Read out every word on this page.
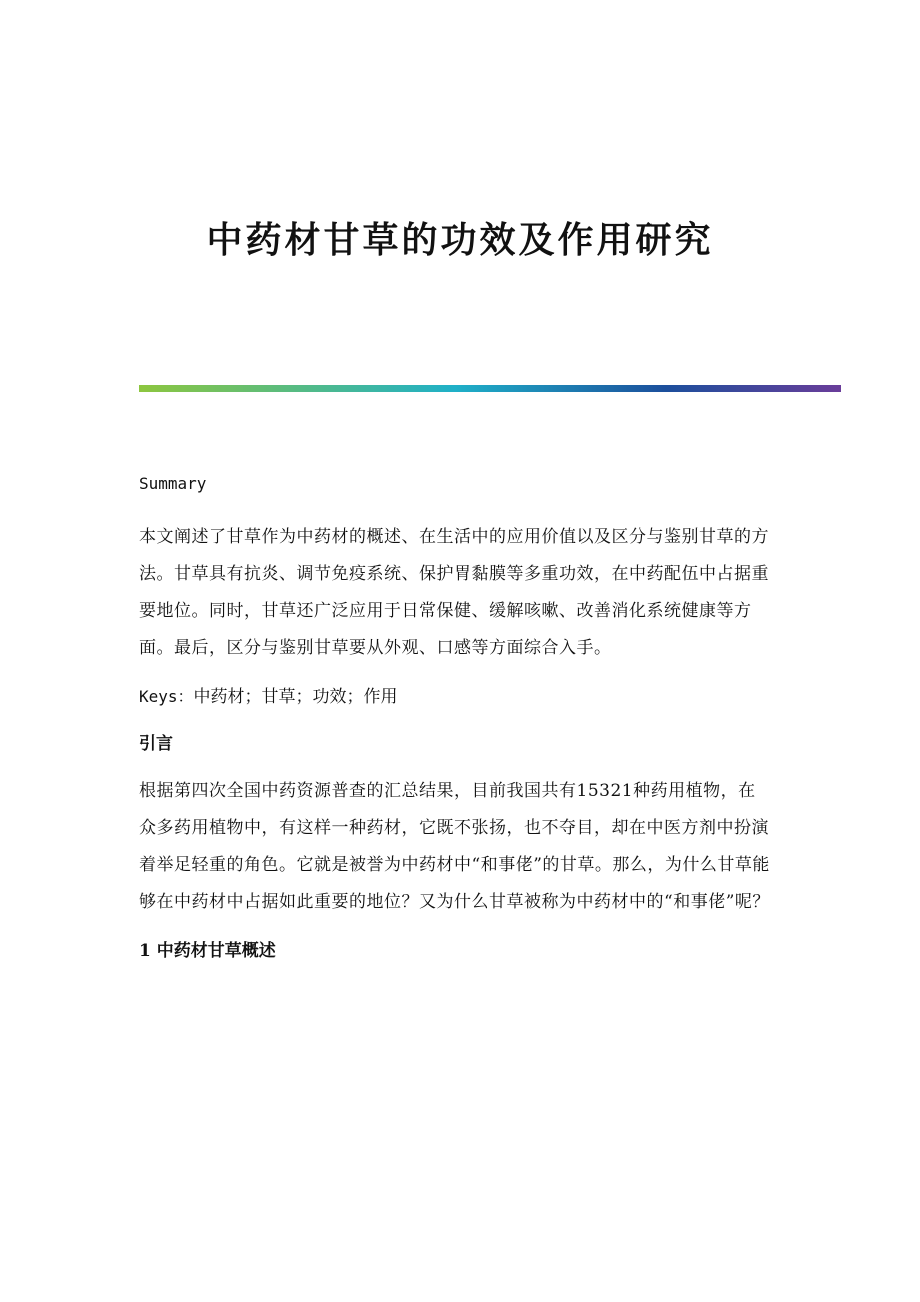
中药材甘草的功效及作用研究

Summary

本文阐述了甘草作为中药材的概述、在生活中的应用价值以及区分与鉴别甘草的方法。甘草具有抗炎、调节免疫系统、保护胃黏膜等多重功效，在中药配伍中占据重要地位。同时，甘草还广泛应用于日常保健、缓解咳嗽、改善消化系统健康等方面。最后，区分与鉴别甘草要从外观、口感等方面综合入手。

Keys：中药材；甘草；功效；作用

引言

根据第四次全国中药资源普查的汇总结果，目前我国共有15321种药用植物，在众多药用植物中，有这样一种药材，它既不张扬，也不夺目，却在中医方剂中扮演着举足轻重的角色。它就是被誉为中药材中“和事佬”的甘草。那么，为什么甘草能够在中药材中占据如此重要的地位？又为什么甘草被称为中药材中的“和事佬”呢？

1 中药材甘草概述
